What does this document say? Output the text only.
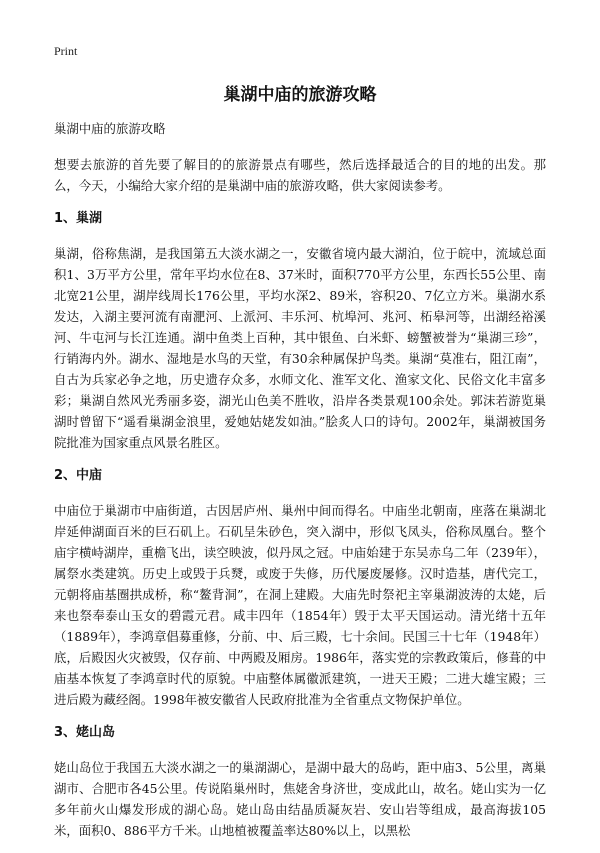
Print
巢湖中庙的旅游攻略

巢湖中庙的旅游攻略

想要去旅游的首先要了解目的的旅游景点有哪些，然后选择最适合的目的地的出发。那么，今天，小编给大家介绍的是巢湖中庙的旅游攻略，供大家阅读参考。

1、巢湖

巢湖，俗称焦湖，是我国第五大淡水湖之一，安徽省境内最大湖泊，位于皖中，流域总面积1、3万平方公里，常年平均水位在8、37米时，面积770平方公里，东西长55公里、南北宽21公里，湖岸线周长176公里，平均水深2、89米，容积20、7亿立方米。巢湖水系发达，入湖主要河流有南淝河、上派河、丰乐河、杭埠河、兆河、柘皋河等，出湖经裕溪河、牛屯河与长江连通。湖中鱼类上百种，其中银鱼、白米虾、螃蟹被誉为“巢湖三珍”，行销海内外。湖水、湿地是水鸟的天堂，有30余种属保护鸟类。巢湖“莫准右，阻江南”，自古为兵家必争之地，历史遗存众多，水师文化、淮军文化、渔家文化、民俗文化丰富多彩；巢湖自然风光秀丽多姿，湖光山色美不胜收，沿岸各类景观100余处。郭沫若游览巢湖时曾留下“遥看巢湖金浪里，爱她姑姥发如油。”脍炙人口的诗句。2002年，巢湖被国务院批准为国家重点风景名胜区。

2、中庙

中庙位于巢湖市中庙街道，古因居庐州、巢州中间而得名。中庙坐北朝南，座落在巢湖北岸延伸湖面百米的巨石矶上。石矶呈朱砂色，突入湖中，形似飞凤头，俗称凤凰台。整个庙宇横峙湖岸，重檐飞出，读空映波，似丹凤之冠。中庙始建于东吴赤乌二年（239年），属祭水类建筑。历史上或毁于兵燹，或废于失修，历代屡废屡修。汉时造基，唐代完工，元朝将庙基圈拱成桥，称“鳌背洞”，在洞上建殿。大庙先时祭祀主宰巢湖波涛的太姥，后来也祭奉泰山玉女的碧霞元君。咸丰四年（1854年）毁于太平天国运动。清光绪十五年（1889年），李鸿章倡募重修，分前、中、后三殿，七十余间。民国三十七年（1948年）底，后殿因火灾被毁，仅存前、中两殿及厢房。1986年，落实党的宗教政策后，修葺的中庙基本恢复了李鸿章时代的原貌。中庙整体属徽派建筑，一进天王殿；二进大雄宝殿；三进后殿为藏经阁。1998年被安徽省人民政府批准为全省重点文物保护单位。

3、姥山岛

姥山岛位于我国五大淡水湖之一的巢湖湖心，是湖中最大的岛屿，距中庙3、5公里，离巢湖市、合肥市各45公里。传说陷巢州时，焦姥舍身济世，变成此山，故名。姥山实为一亿多年前火山爆发形成的湖心岛。姥山岛由结晶质凝灰岩、安山岩等组成，最高海拔105米，面积0、886平方千米。山地植被覆盖率达80%以上，以黑松
